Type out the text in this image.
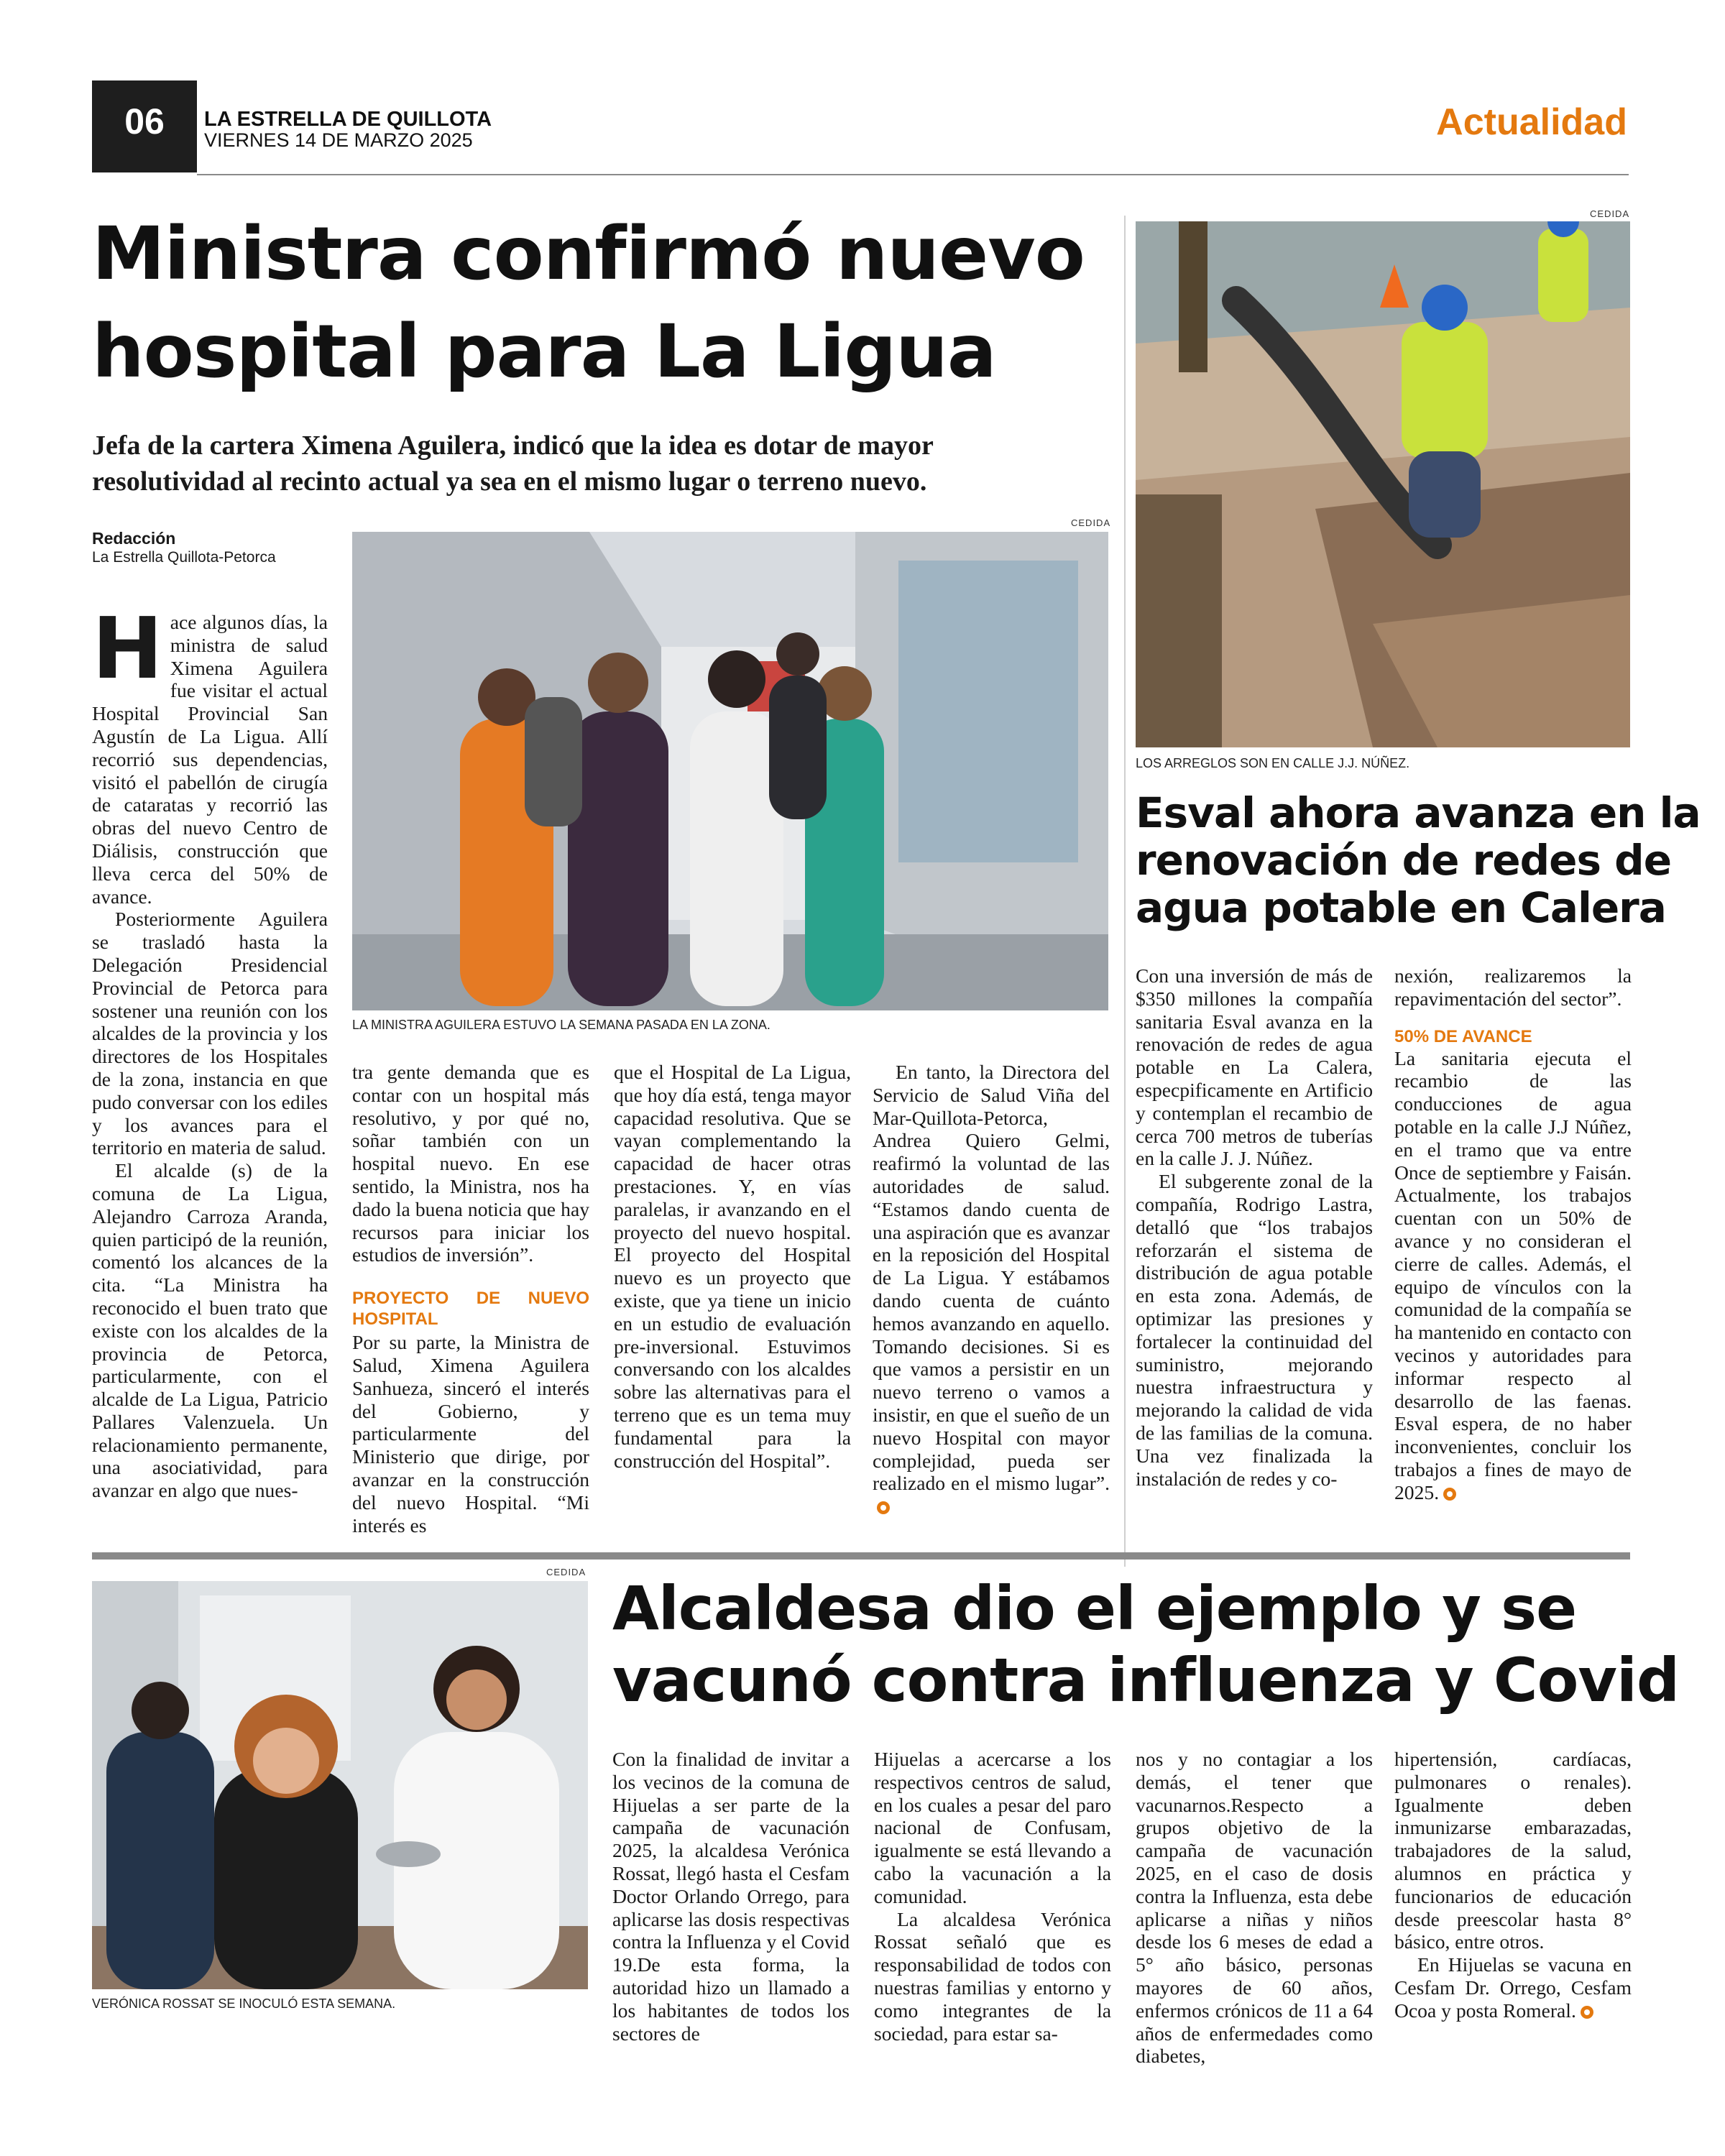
06	LA ESTRELLA DE QUILLOTA
VIERNES 14 DE MARZO 2025	Actualidad
Ministra confirmó nuevo
hospital para La Ligua
Jefa de la cartera Ximena Aguilera, indicó que la idea es dotar de mayor
resolutividad al recinto actual ya sea en el mismo lugar o terreno nuevo.
Redacción
La Estrella Quillota-Petorca
CEDIDA
LA MINISTRA AGUILERA ESTUVO LA SEMANA PASADA EN LA ZONA.
H ace algunos días, la ministra de salud Ximena Aguilera fue visitar el actual Hospital Provincial San Agustín de La Ligua. Allí recorrió sus dependencias, visitó el pabellón de cirugía de cataratas y recorrió las obras del nuevo Centro de Diálisis, construcción que lleva cerca del 50% de avance.

Posteriormente Aguilera se trasladó hasta la Delegación Presidencial Provincial de Petorca para sostener una reunión con los alcaldes de la provincia y los directores de los Hospitales de la zona, instancia en que pudo conversar con los ediles y los avances para el territorio en materia de salud.

El alcalde (s) de la comuna de La Ligua, Alejandro Carroza Aranda, quien participó de la reunión, comentó los alcances de la cita. “La Ministra ha reconocido el buen trato que existe con los alcaldes de la provincia de Petorca, particularmente, con el alcalde de La Ligua, Patricio Pallares Valenzuela. Un relacionamiento permanente, una asociatividad, para avanzar en algo que nues-

tra gente demanda que es contar con un hospital más resolutivo, y por qué no, soñar también con un hospital nuevo. En ese sentido, la Ministra, nos ha dado la buena noticia que hay recursos para iniciar los estudios de inversión”.

PROYECTO DE NUEVO HOSPITAL

Por su parte, la Ministra de Salud, Ximena Aguilera Sanhueza, sinceró el interés del Gobierno, y particularmente del Ministerio que dirige, por avanzar en la construcción del nuevo Hospital. “Mi interés es

que el Hospital de La Ligua, que hoy día está, tenga mayor capacidad resolutiva. Que se vayan complementando la capacidad de hacer otras prestaciones. Y, en vías paralelas, ir avanzando en el proyecto del nuevo hospital. El proyecto del Hospital nuevo es un proyecto que existe, que ya tiene un inicio en un estudio de evaluación pre-inversional. Estuvimos conversando con los alcaldes sobre las alternativas para el terreno que es un tema muy fundamental para la construcción del Hospital”.

En tanto, la Directora del Servicio de Salud Viña del Mar-Quillota-Petorca, Andrea Quiero Gelmi, reafirmó la voluntad de las autoridades de salud. “Estamos dando cuenta de una aspiración que es avanzar en la reposición del Hospital de La Ligua. Y estábamos dando cuenta de cuánto hemos avanzando en aquello. Tomando decisiones. Si es que vamos a persistir en un nuevo terreno o vamos a insistir, en que el sueño de un nuevo Hospital con mayor complejidad, pueda ser realizado en el mismo lugar”.

CEDIDA
LOS ARREGLOS SON EN CALLE J.J. NÚÑEZ.
Esval ahora avanza en la
renovación de redes de
agua potable en Calera

Con una inversión de más de $350 millones la compañía sanitaria Esval avanza en la renovación de redes de agua potable en La Calera, especpificamente en Artificio y contemplan el recambio de cerca 700 metros de tuberías en la calle J. J. Núñez.

El subgerente zonal de la compañía, Rodrigo Lastra, detalló que “los trabajos reforzarán el sistema de distribución de agua potable en esta zona. Además, de optimizar las presiones y fortalecer la continuidad del suministro, mejorando nuestra infraestructura y mejorando la calidad de vida de las familias de la comuna. Una vez finalizada la instalación de redes y co-

nexión, realizaremos la repavimentación del sector”.

50% DE AVANCE

La sanitaria ejecuta el recambio de las conducciones de agua potable en la calle J.J Núñez, en el tramo que va entre Once de septiembre y Faisán. Actualmente, los trabajos cuentan con un 50% de avance y no consideran el cierre de calles. Además, el equipo de vínculos con la comunidad de la compañía se ha mantenido en contacto con vecinos y autoridades para informar respecto al desarrollo de las faenas. Esval espera, de no haber inconvenientes, concluir los trabajos a fines de mayo de 2025.

CEDIDA
VERÓNICA ROSSAT SE INOCULÓ ESTA SEMANA.
Alcaldesa dio el ejemplo y se
vacunó contra influenza y Covid

Con la finalidad de invitar a los vecinos de la comuna de Hijuelas a ser parte de la campaña de vacunación 2025, la alcaldesa Verónica Rossat, llegó hasta el Cesfam Doctor Orlando Orrego, para aplicarse las dosis respectivas contra la Influenza y el Covid 19.De esta forma, la autoridad hizo un llamado a los habitantes de todos los sectores de

Hijuelas a acercarse a los respectivos centros de salud, en los cuales a pesar del paro nacional de Confusam, igualmente se está llevando a cabo la vacunación a la comunidad.

La alcaldesa Verónica Rossat señaló que es responsabilidad de todos con nuestras familias y entorno y como integrantes de la sociedad, para estar sa-

nos y no contagiar a los demás, el tener que vacunarnos.Respecto a grupos objetivo de la campaña de vacunación 2025, en el caso de dosis contra la Influenza, esta debe aplicarse a niñas y niños desde los 6 meses de edad a 5° año básico, personas mayores de 60 años, enfermos crónicos de 11 a 64 años de enfermedades como diabetes,

hipertensión, cardíacas, pulmonares o renales). Igualmente deben inmunizarse embarazadas, trabajadores de la salud, alumnos en práctica y funcionarios de educación desde preescolar hasta 8° básico, entre otros.

En Hijuelas se vacuna en Cesfam Dr. Orrego, Cesfam Ocoa y posta Romeral.
